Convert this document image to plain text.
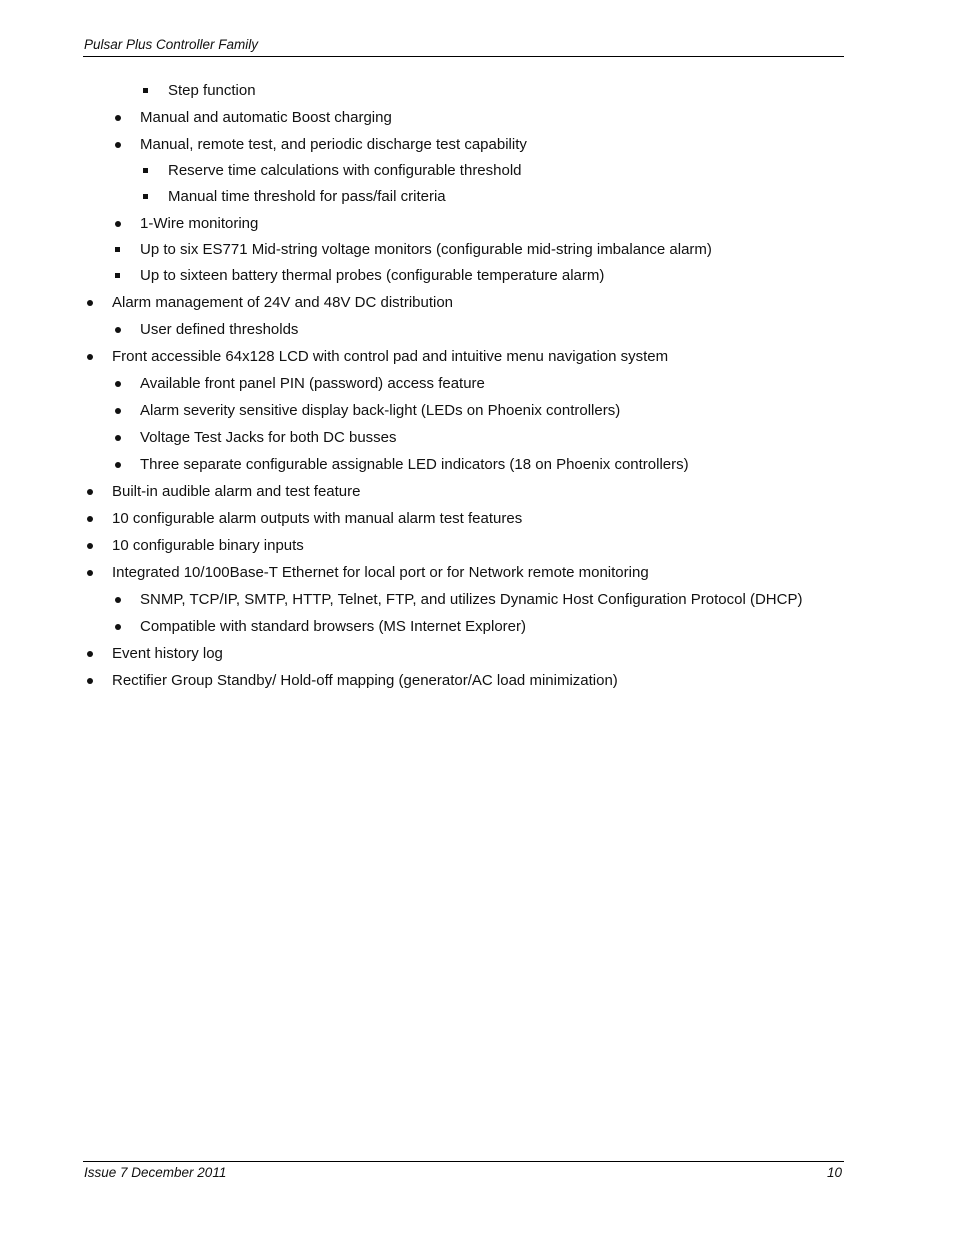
Pulsar Plus Controller Family
Step function
Manual and automatic Boost charging
Manual, remote test, and periodic discharge test capability
Reserve time calculations with configurable threshold
Manual time threshold for pass/fail criteria
1-Wire monitoring
Up to six ES771 Mid-string voltage monitors (configurable mid-string imbalance alarm)
Up to sixteen battery thermal probes (configurable temperature alarm)
Alarm management of 24V and 48V DC distribution
User defined thresholds
Front accessible 64x128 LCD with control pad and intuitive menu navigation system
Available front panel PIN (password) access feature
Alarm severity sensitive display back-light (LEDs on Phoenix controllers)
Voltage Test Jacks for both DC busses
Three separate configurable assignable LED indicators (18 on Phoenix controllers)
Built-in audible alarm and test feature
10 configurable alarm outputs with manual alarm test features
10 configurable binary inputs
Integrated 10/100Base-T Ethernet for local port or for Network remote monitoring
SNMP, TCP/IP, SMTP, HTTP, Telnet, FTP, and utilizes Dynamic Host Configuration Protocol (DHCP)
Compatible with standard browsers (MS Internet Explorer)
Event history log
Rectifier Group Standby/ Hold-off mapping (generator/AC load minimization)
Issue 7 December 2011	10
